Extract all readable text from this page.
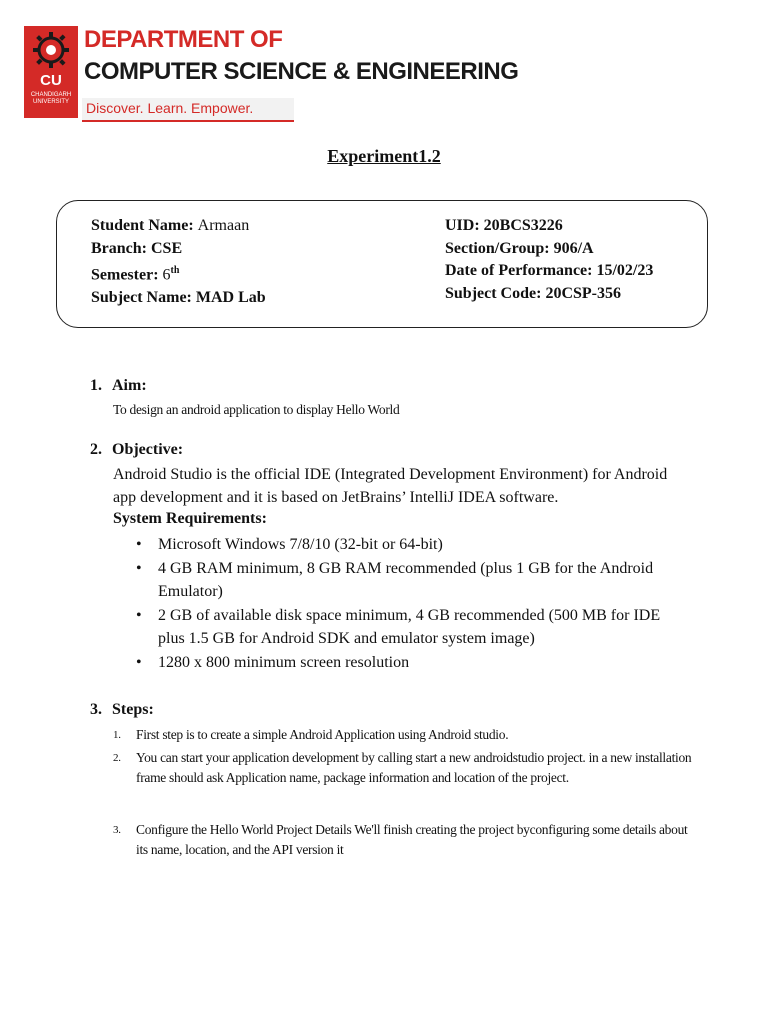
CU
CHANDIGARH
UNIVERSITY
DEPARTMENT OF
COMPUTER SCIENCE & ENGINEERING
Discover. Learn. Empower.
Experiment1.2
Student Name: Armaan
Branch: CSE
Semester: 6th
Subject Name: MAD Lab
UID: 20BCS3226
Section/Group: 906/A
Date of Performance: 15/02/23
Subject Code: 20CSP-356
1. Aim:
To design an android application to display Hello World
2. Objective:
Android Studio is the official IDE (Integrated Development Environment) for Android app development and it is based on JetBrains’ IntelliJ IDEA software.
System Requirements:
• Microsoft Windows 7/8/10 (32-bit or 64-bit)
• 4 GB RAM minimum, 8 GB RAM recommended (plus 1 GB for the Android Emulator)
• 2 GB of available disk space minimum, 4 GB recommended (500 MB for IDE plus 1.5 GB for Android SDK and emulator system image)
• 1280 x 800 minimum screen resolution
3. Steps:
1. First step is to create a simple Android Application using Android studio.
2. You can start your application development by calling start a new androidstudio project. in a new installation frame should ask Application name, package information and location of the project.
3. Configure the Hello World Project Details We'll finish creating the project byconfiguring some details about its name, location, and the API version it
